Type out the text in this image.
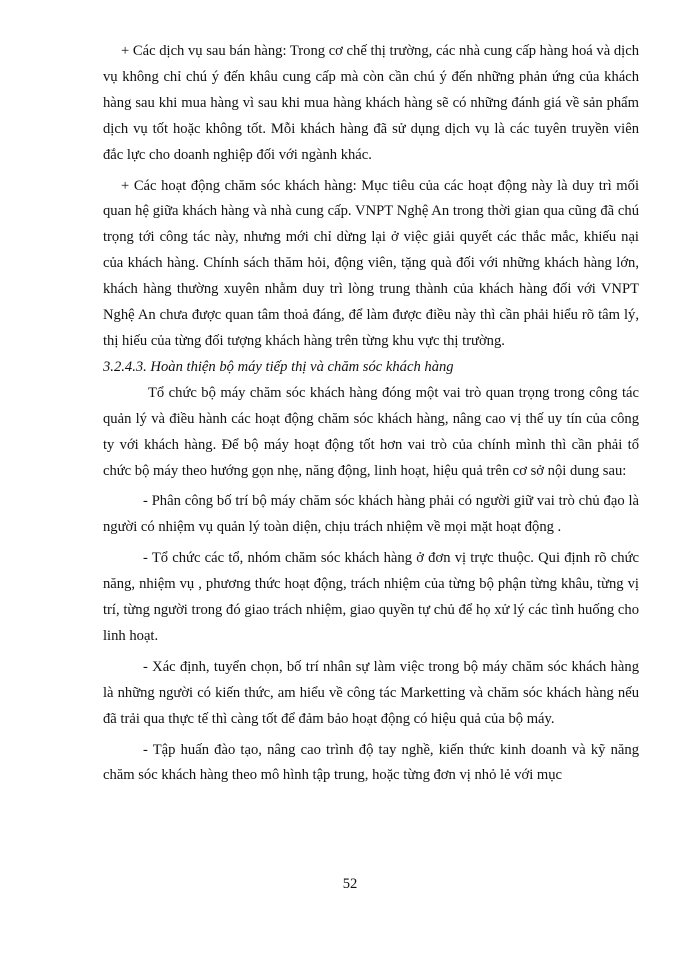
+ Các dịch vụ sau bán hàng: Trong cơ chế thị trường, các nhà cung cấp hàng hoá và dịch vụ không chỉ chú ý đến khâu cung cấp mà còn cần chú ý đến những phản ứng của khách hàng sau khi mua hàng vì sau khi mua hàng khách hàng sẽ có những đánh giá về sản phẩm dịch vụ tốt hoặc không tốt. Mỗi khách hàng đã sử dụng dịch vụ là các tuyên truyền viên đắc lực cho doanh nghiệp đối với ngành khác.

+ Các hoạt động chăm sóc khách hàng: Mục tiêu của các hoạt động này là duy trì mối quan hệ giữa khách hàng và nhà cung cấp. VNPT Nghệ An trong thời gian qua cũng đã chú trọng tới công tác này, nhưng mới chỉ dừng lại ở việc giải quyết các thắc mắc, khiếu nại của khách hàng. Chính sách thăm hỏi, động viên, tặng quà đối với những khách hàng lớn, khách hàng thường xuyên nhằm duy trì lòng trung thành của khách hàng đối với VNPT Nghệ An chưa được quan tâm thoả đáng, để làm được điều này thì cần phải hiểu rõ tâm lý, thị hiếu của từng đối tượng khách hàng trên từng khu vực thị trường.

3.2.4.3. Hoàn thiện bộ máy tiếp thị và chăm sóc khách hàng

Tổ chức bộ máy chăm sóc khách hàng đóng một vai trò quan trọng trong công tác quản lý và điều hành các hoạt động chăm sóc khách hàng, nâng cao vị thế uy tín của công ty với khách hàng. Để bộ máy hoạt động tốt hơn vai trò của chính mình thì cần phải tổ chức bộ máy theo hướng gọn nhẹ, năng động, linh hoạt, hiệu quả trên cơ sở nội dung sau:

- Phân công bố trí bộ máy chăm sóc khách hàng phải có người giữ vai trò chủ đạo là người có nhiệm vụ quản lý toàn diện, chịu trách nhiệm về mọi mặt hoạt động .

- Tổ chức các tổ, nhóm chăm sóc khách hàng ở đơn vị trực thuộc. Qui định rõ chức năng, nhiệm vụ , phương thức hoạt động, trách nhiệm của từng bộ phận từng khâu, từng vị trí, từng người trong đó giao trách nhiệm, giao quyền tự chủ để họ xử lý các tình huống cho linh hoạt.

- Xác định, tuyển chọn, bố trí nhân sự làm việc trong bộ máy chăm sóc khách hàng là những người có kiến thức, am hiểu về công tác Marketting và chăm sóc khách hàng nếu đã trải qua thực tế thì càng tốt để đảm bảo hoạt động có hiệu quả của bộ máy.

- Tập huấn đào tạo, nâng cao trình độ tay nghề, kiến thức kinh doanh và kỹ năng chăm sóc khách hàng theo mô hình tập trung, hoặc từng đơn vị nhỏ lẻ với mục

52
